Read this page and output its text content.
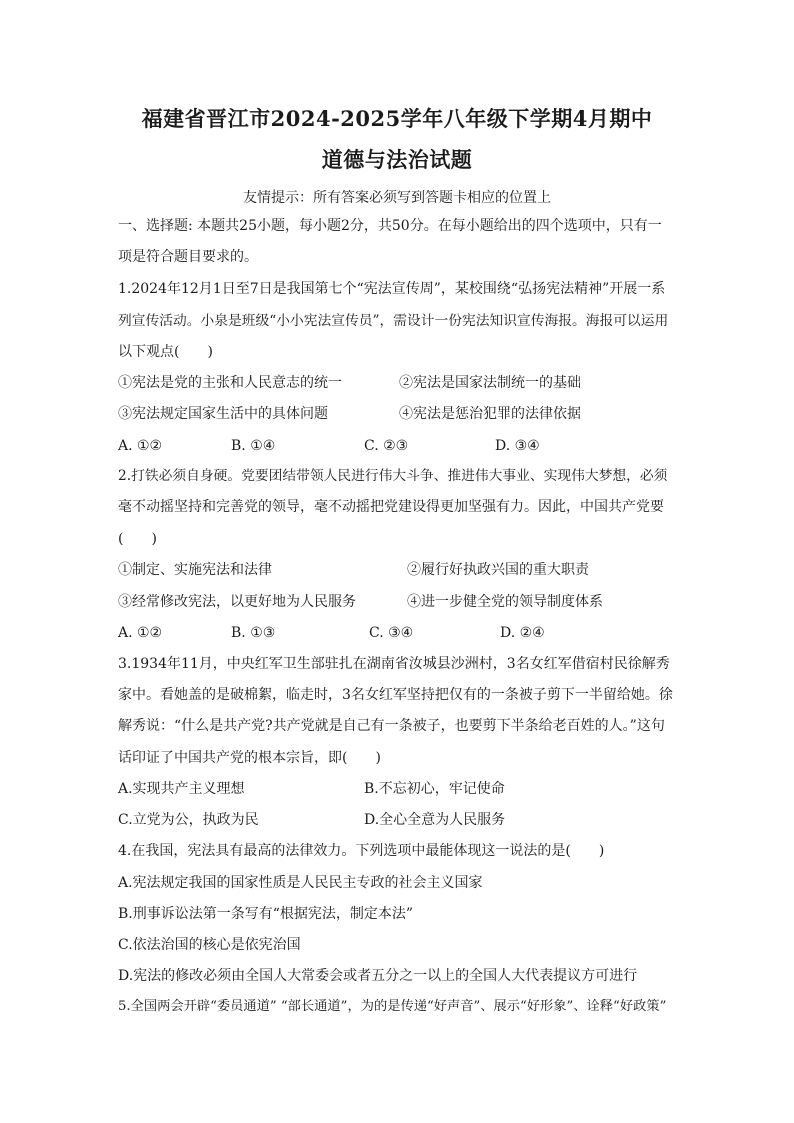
福建省晋江市2024-2025学年八年级下学期4月期中
道德与法治试题
友情提示：所有答案必须写到答题卡相应的位置上
一、选择题: 本题共25小题，每小题2分，共50分。在每小题给出的四个选项中，只有一
项是符合题目要求的。
1.2024年12月1日至7日是我国第七个“宪法宣传周”，某校围绕“弘扬宪法精神”开展一系
列宣传活动。小泉是班级“小小宪法宣传员”，需设计一份宪法知识宣传海报。海报可以运用
以下观点(　　)
①宪法是党的主张和人民意志的统一	②宪法是国家法制统一的基础
③宪法规定国家生活中的具体问题	④宪法是惩治犯罪的法律依据
A. ①②	B. ①④	C. ②③	D. ③④
2.打铁必须自身硬。党要团结带领人民进行伟大斗争、推进伟大事业、实现伟大梦想，必须
毫不动摇坚持和完善党的领导，毫不动摇把党建设得更加坚强有力。因此，中国共产党要
(　　)
①制定、实施宪法和法律	②履行好执政兴国的重大职责
③经常修改宪法，以更好地为人民服务	④进一步健全党的领导制度体系
A. ①②	B. ①③	C. ③④	D. ②④
3.1934年11月，中央红军卫生部驻扎在湖南省汝城县沙洲村，3名女红军借宿村民徐解秀
家中。看她盖的是破棉絮，临走时，3名女红军坚持把仅有的一条被子剪下一半留给她。徐
解秀说：“什么是共产党?共产党就是自己有一条被子，也要剪下半条给老百姓的人。”这句
话印证了中国共产党的根本宗旨，即(　　)
A.实现共产主义理想	B.不忘初心，牢记使命
C.立党为公，执政为民	D.全心全意为人民服务
4.在我国，宪法具有最高的法律效力。下列选项中最能体现这一说法的是(　　)
A.宪法规定我国的国家性质是人民民主专政的社会主义国家
B.刑事诉讼法第一条写有“根据宪法，制定本法”
C.依法治国的核心是依宪治国
D.宪法的修改必须由全国人大常委会或者五分之一以上的全国人大代表提议方可进行
5.全国两会开辟“委员通道” “部长通道”，为的是传递“好声音”、展示“好形象”、诠释“好政策”
